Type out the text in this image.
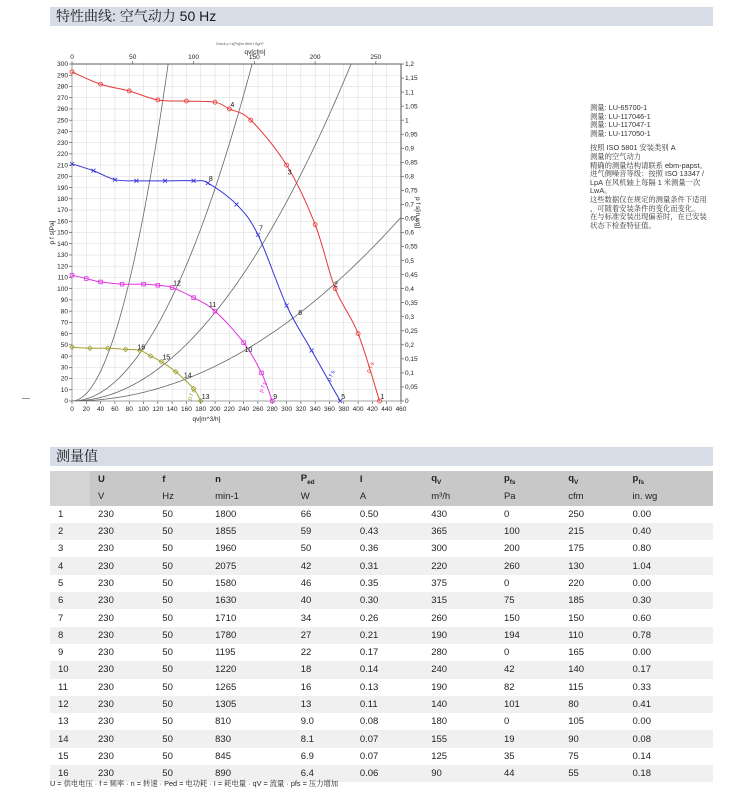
特性曲线: 空气动力 50 Hz
0 20 40 60 80 100 120 140 160 180 200 220 240 260 280 300 320 340 360 380 400 420 440 460
0
10
20
30
40
50
60
70
80
90
100
110
120
130
140
150
160
170
180
190
200
210
220
230
240
250
260
270
280
290
300
0
0,05
0,1
0,15
0,2
0,25
0,3
0,35
0,4
0,45
0,5
0,55
0,6
0,65
0,7
0,75
0,8
0,85
0,9
0,95
1
1,05
1,1
1,15
1,2
0	50	100	150	200	250
qv[cfm]
Druck p f s[Pa]/m Wert f Agrf?
qv[m^3/h]
p f s[Pa]
p f s[in wg]
p f s
p f s
p f s
p f s	1
2
3
4
5
6
7
8
9
10
11
12
13
14
15
16
测量: LU-65700-1
测量: LU-117046-1
测量: LU-117047-1
测量: LU-117050-1
按照 ISO 5801 安装类别 A
测量的空气动力
精确的测量结构请联系 ebm-papst。
进气侧噪音等级：按照 ISO 13347 /
LpA 在风机轴上每隔 1 米测量一次
LwA。
这些数据仅在规定的测量条件下适用
，可随着安装条件的变化而变化。
在与标准安装出现偏差时，在已安装
状态下检查特征值。
测量值
	U	f	n	$P_{ed}$	I	$q_V$	$p_{fs}$	$q_V$	$p_{fs}$
	V	Hz	min-1	W	A	m³/h	Pa	cfm	in. wg
1	230	50	1800	66	0.50	430	0	250	0.00
2	230	50	1855	59	0.43	365	100	215	0.40
3	230	50	1960	50	0.36	300	200	175	0.80
4	230	50	2075	42	0.31	220	260	130	1.04
5	230	50	1580	46	0.35	375	0	220	0.00
6	230	50	1630	40	0.30	315	75	185	0.30
7	230	50	1710	34	0.26	260	150	150	0.60
8	230	50	1780	27	0.21	190	194	110	0.78
9	230	50	1195	22	0.17	280	0	165	0.00
10	230	50	1220	18	0.14	240	42	140	0.17
11	230	50	1265	16	0.13	190	82	115	0.33
12	230	50	1305	13	0.11	140	101	80	0.41
13	230	50	810	9.0	0.08	180	0	105	0.00
14	230	50	830	8.1	0.07	155	19	90	0.08
15	230	50	845	6.9	0.07	125	35	75	0.14
16	230	50	890	6.4	0.06	90	44	55	0.18
U = 供电电压 · f = 频率 · n = 转速 · Ped = 电功耗 · I = 耗电量 · qV = 流量 · pfs = 压力增加
